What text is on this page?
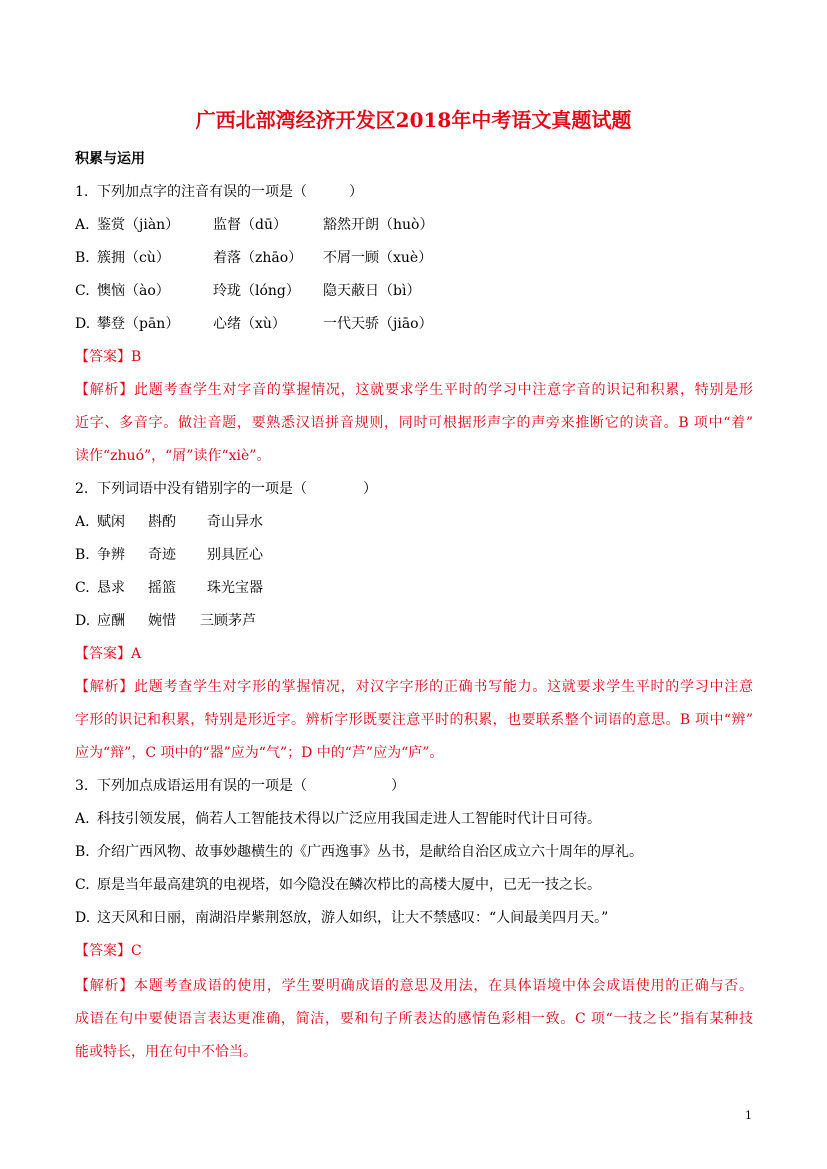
广西北部湾经济开发区2018年中考语文真题试题
积累与运用
1. 下列加点字的注音有误的一项是（　　　）
A. 鉴赏（jiàn） 监督（dū）	豁然开朗（huò）
B. 簇拥（cù）	着落（zhāo） 不屑一顾（xuè）
C. 懊恼（ào）	玲珑（lóng） 隐天蔽日（bì）
D. 攀登（pān） 心绪（xù）	一代天骄（jiāo）
【答案】B
【解析】此题考查学生对字音的掌握情况，这就要求学生平时的学习中注意字音的识记和积累，特别是形
近字、多音字。做注音题，要熟悉汉语拼音规则，同时可根据形声字的声旁来推断它的读音。B 项中“着”
读作“zhuó”，“屑”读作“xiè”。
2. 下列词语中没有错别字的一项是（　　　　）
A. 赋闲 斟酌 奇山异水
B. 争辨 奇迹 别具匠心
C. 恳求 摇篮 珠光宝器
D. 应酬 婉惜 三顾茅芦
【答案】A
【解析】此题考查学生对字形的掌握情况，对汉字字形的正确书写能力。这就要求学生平时的学习中注意
字形的识记和积累，特别是形近字。辨析字形既要注意平时的积累，也要联系整个词语的意思。B 项中“辨”
应为“辩”，C 项中的“器”应为“气”；D 中的“芦”应为“庐”。
3. 下列加点成语运用有误的一项是（　　　　　　）
A. 科技引领发展，倘若人工智能技术得以广泛应用我国走进人工智能时代计日可待。
B. 介绍广西风物、故事妙趣横生的《广西逸事》丛书，是献给自治区成立六十周年的厚礼。
C. 原是当年最高建筑的电视塔，如今隐没在鳞次栉比的高楼大厦中，已无一技之长。
D. 这天风和日丽，南湖沿岸紫荆怒放，游人如织，让大不禁感叹：“人间最美四月天。”
【答案】C
【解析】本题考查成语的使用，学生要明确成语的意思及用法，在具体语境中体会成语使用的正确与否。
成语在句中要使语言表达更准确，简洁，要和句子所表达的感情色彩相一致。C 项“一技之长”指有某种技
能或特长，用在句中不恰当。
1
